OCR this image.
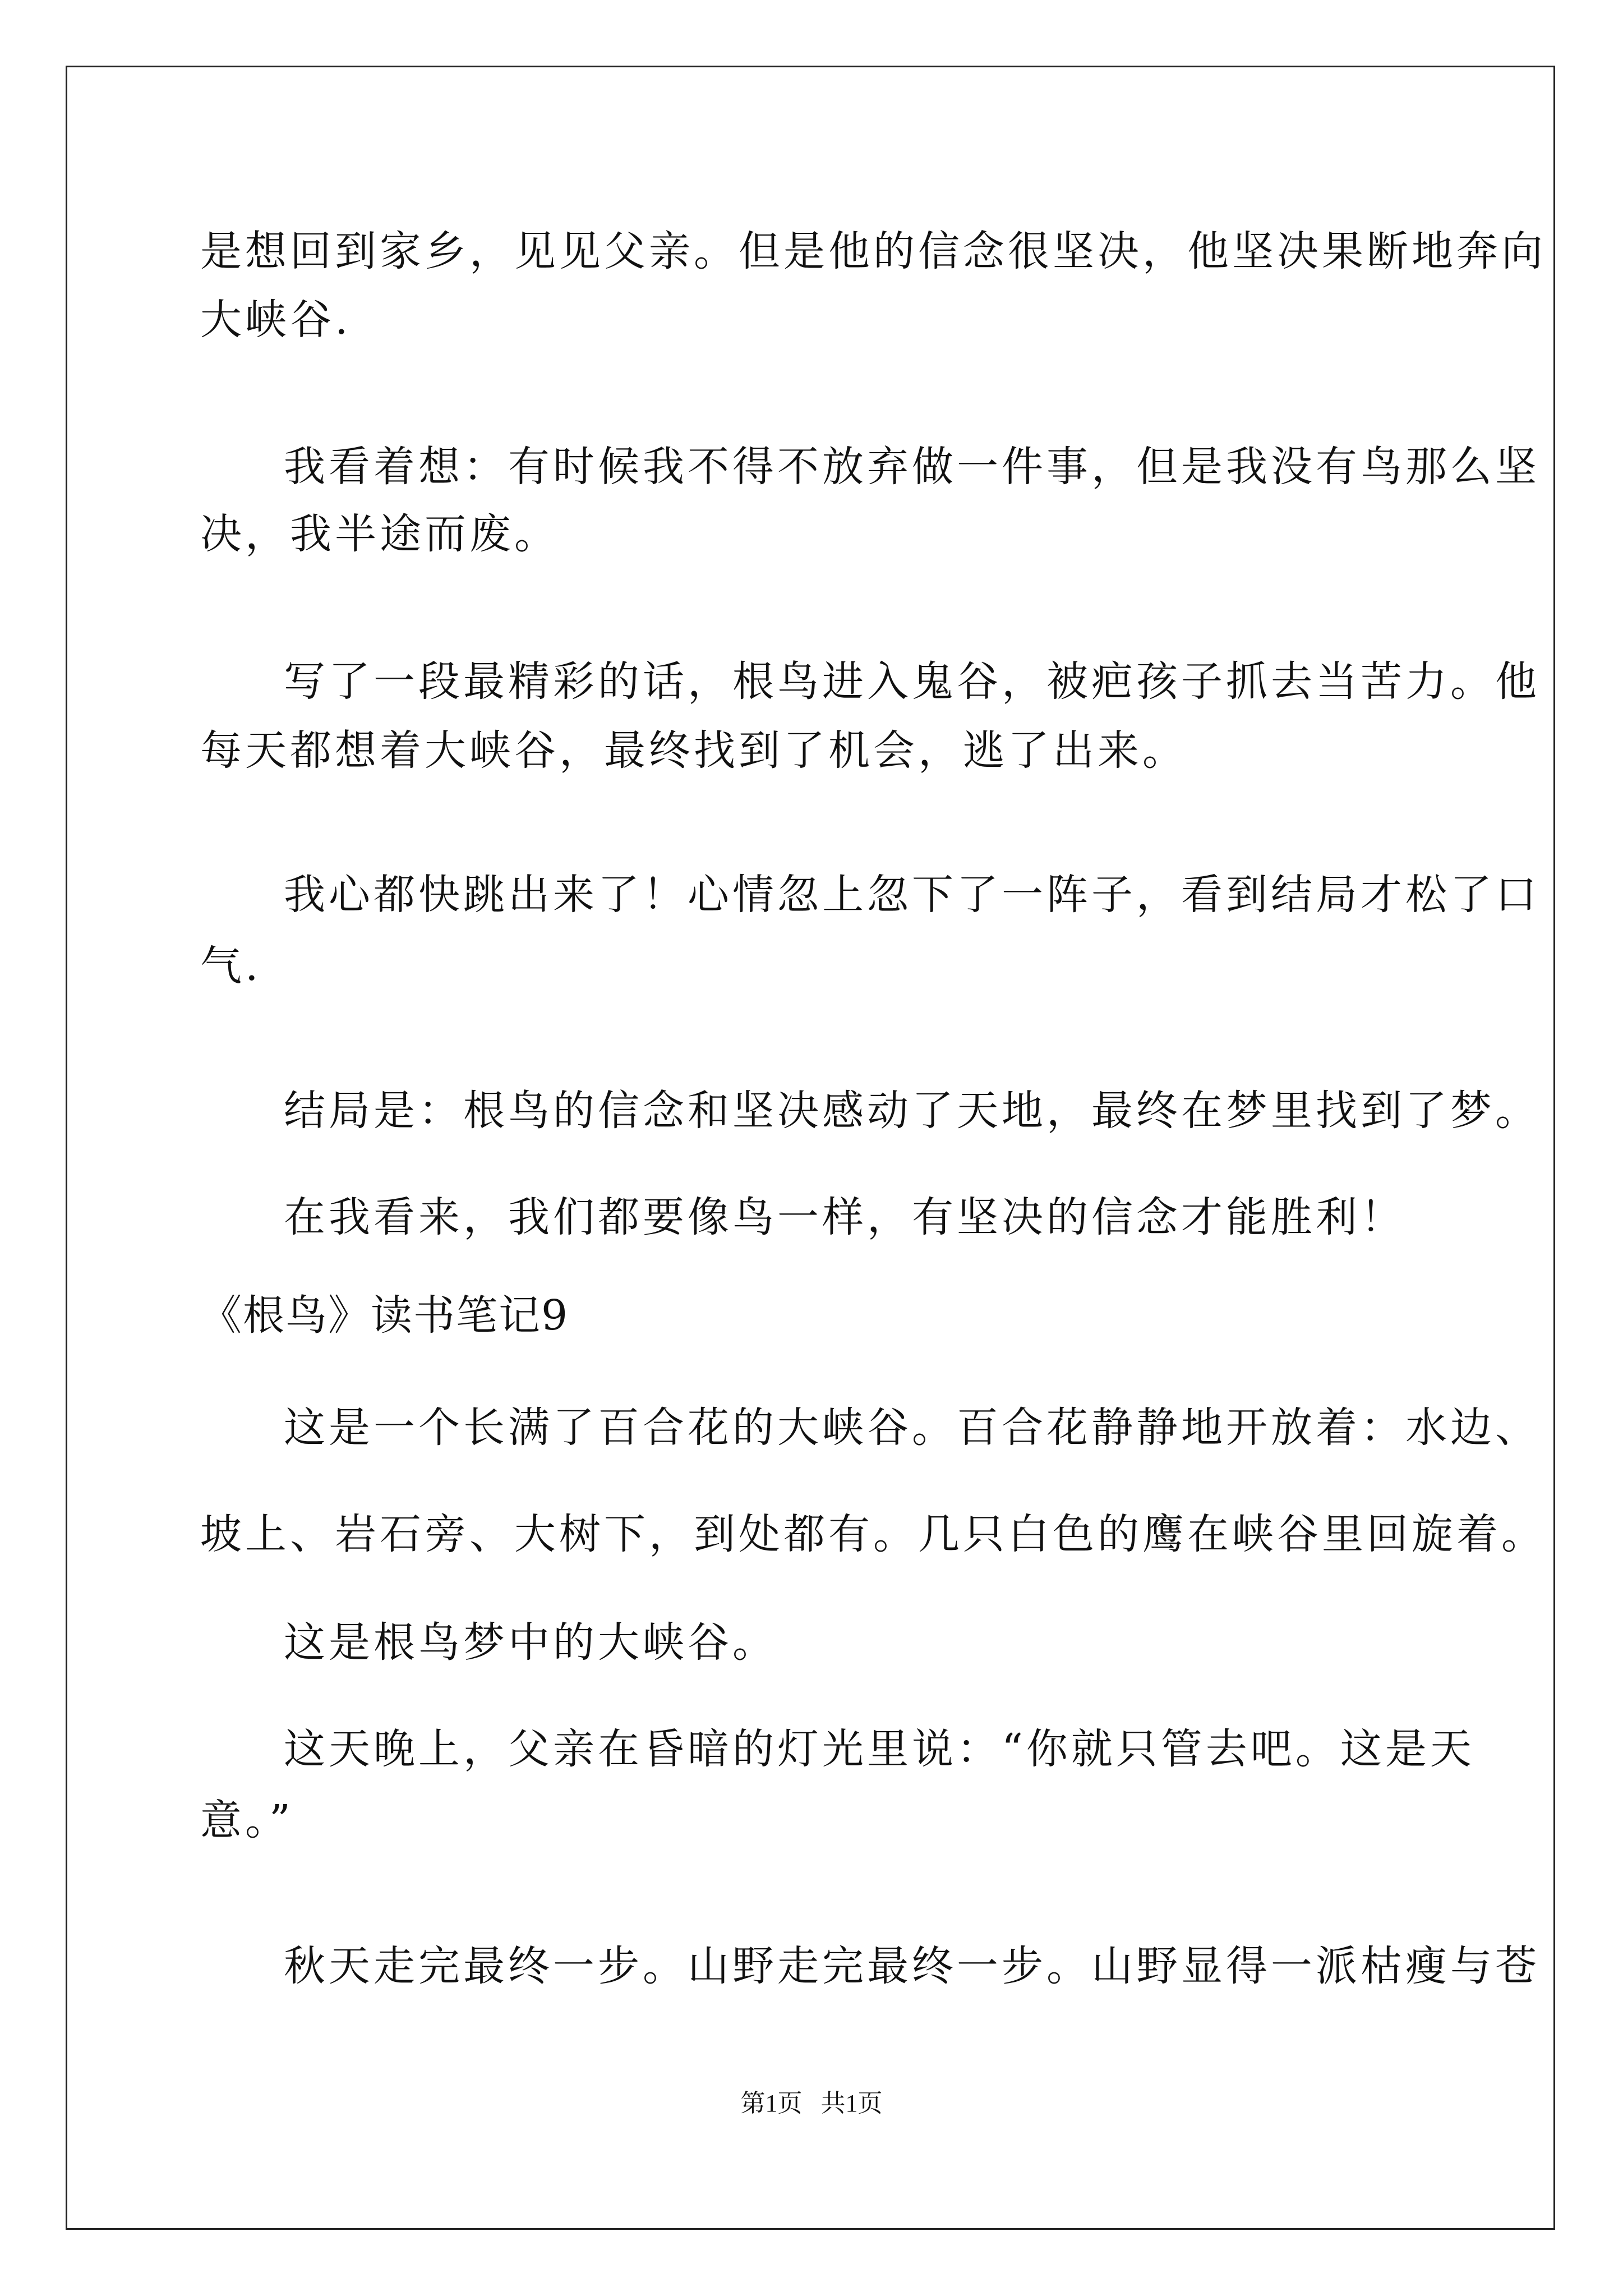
是想回到家乡，见见父亲。但是他的信念很坚决，他坚决果断地奔向
大峡谷.
我看着想：有时候我不得不放弃做一件事，但是我没有鸟那么坚
决，我半途而废。
写了一段最精彩的话，根鸟进入鬼谷，被疤孩子抓去当苦力。他
每天都想着大峡谷，最终找到了机会，逃了出来。
我心都快跳出来了！心情忽上忽下了一阵子，看到结局才松了口
气.
结局是：根鸟的信念和坚决感动了天地，最终在梦里找到了梦。
在我看来，我们都要像鸟一样，有坚决的信念才能胜利！
《根鸟》读书笔记9
这是一个长满了百合花的大峡谷。百合花静静地开放着：水边、
坡上、岩石旁、大树下，到处都有。几只白色的鹰在峡谷里回旋着。
这是根鸟梦中的大峡谷。
这天晚上，父亲在昏暗的灯光里说：“你就只管去吧。这是天
意。”
秋天走完最终一步。山野走完最终一步。山野显得一派枯瘦与苍
第1页   共1页
